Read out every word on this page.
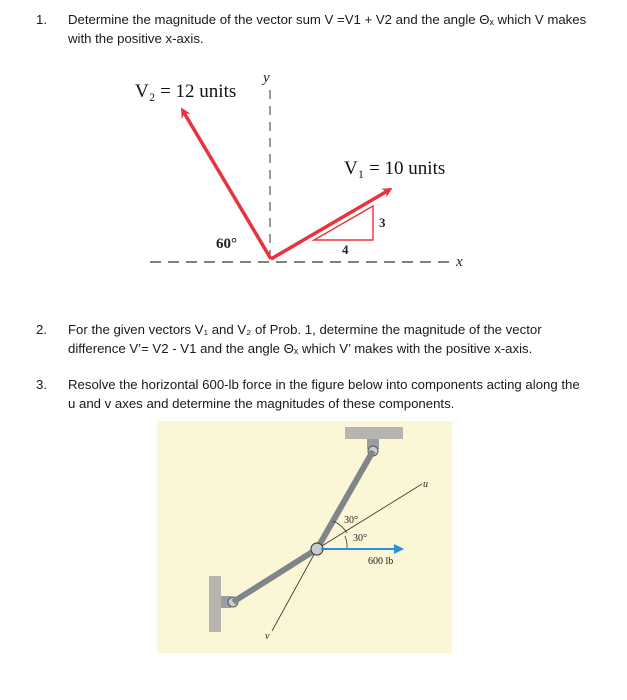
1. Determine the magnitude of the vector sum V =V1 + V2 and the angle Θₓ which V makes
with the positive x-axis.
y
x
3
4
V₂ = 12 units
V₁ = 10 units
60°
2. For the given vectors V₁ and V₂ of Prob. 1, determine the magnitude of the vector
difference V’= V2 - V1 and the angle Θₓ which V’ makes with the positive x-axis.
3. Resolve the horizontal 600-lb force in the figure below into components acting along the
u and v axes and determine the magnitudes of these components.
30°
30°
600 lb
u
v
